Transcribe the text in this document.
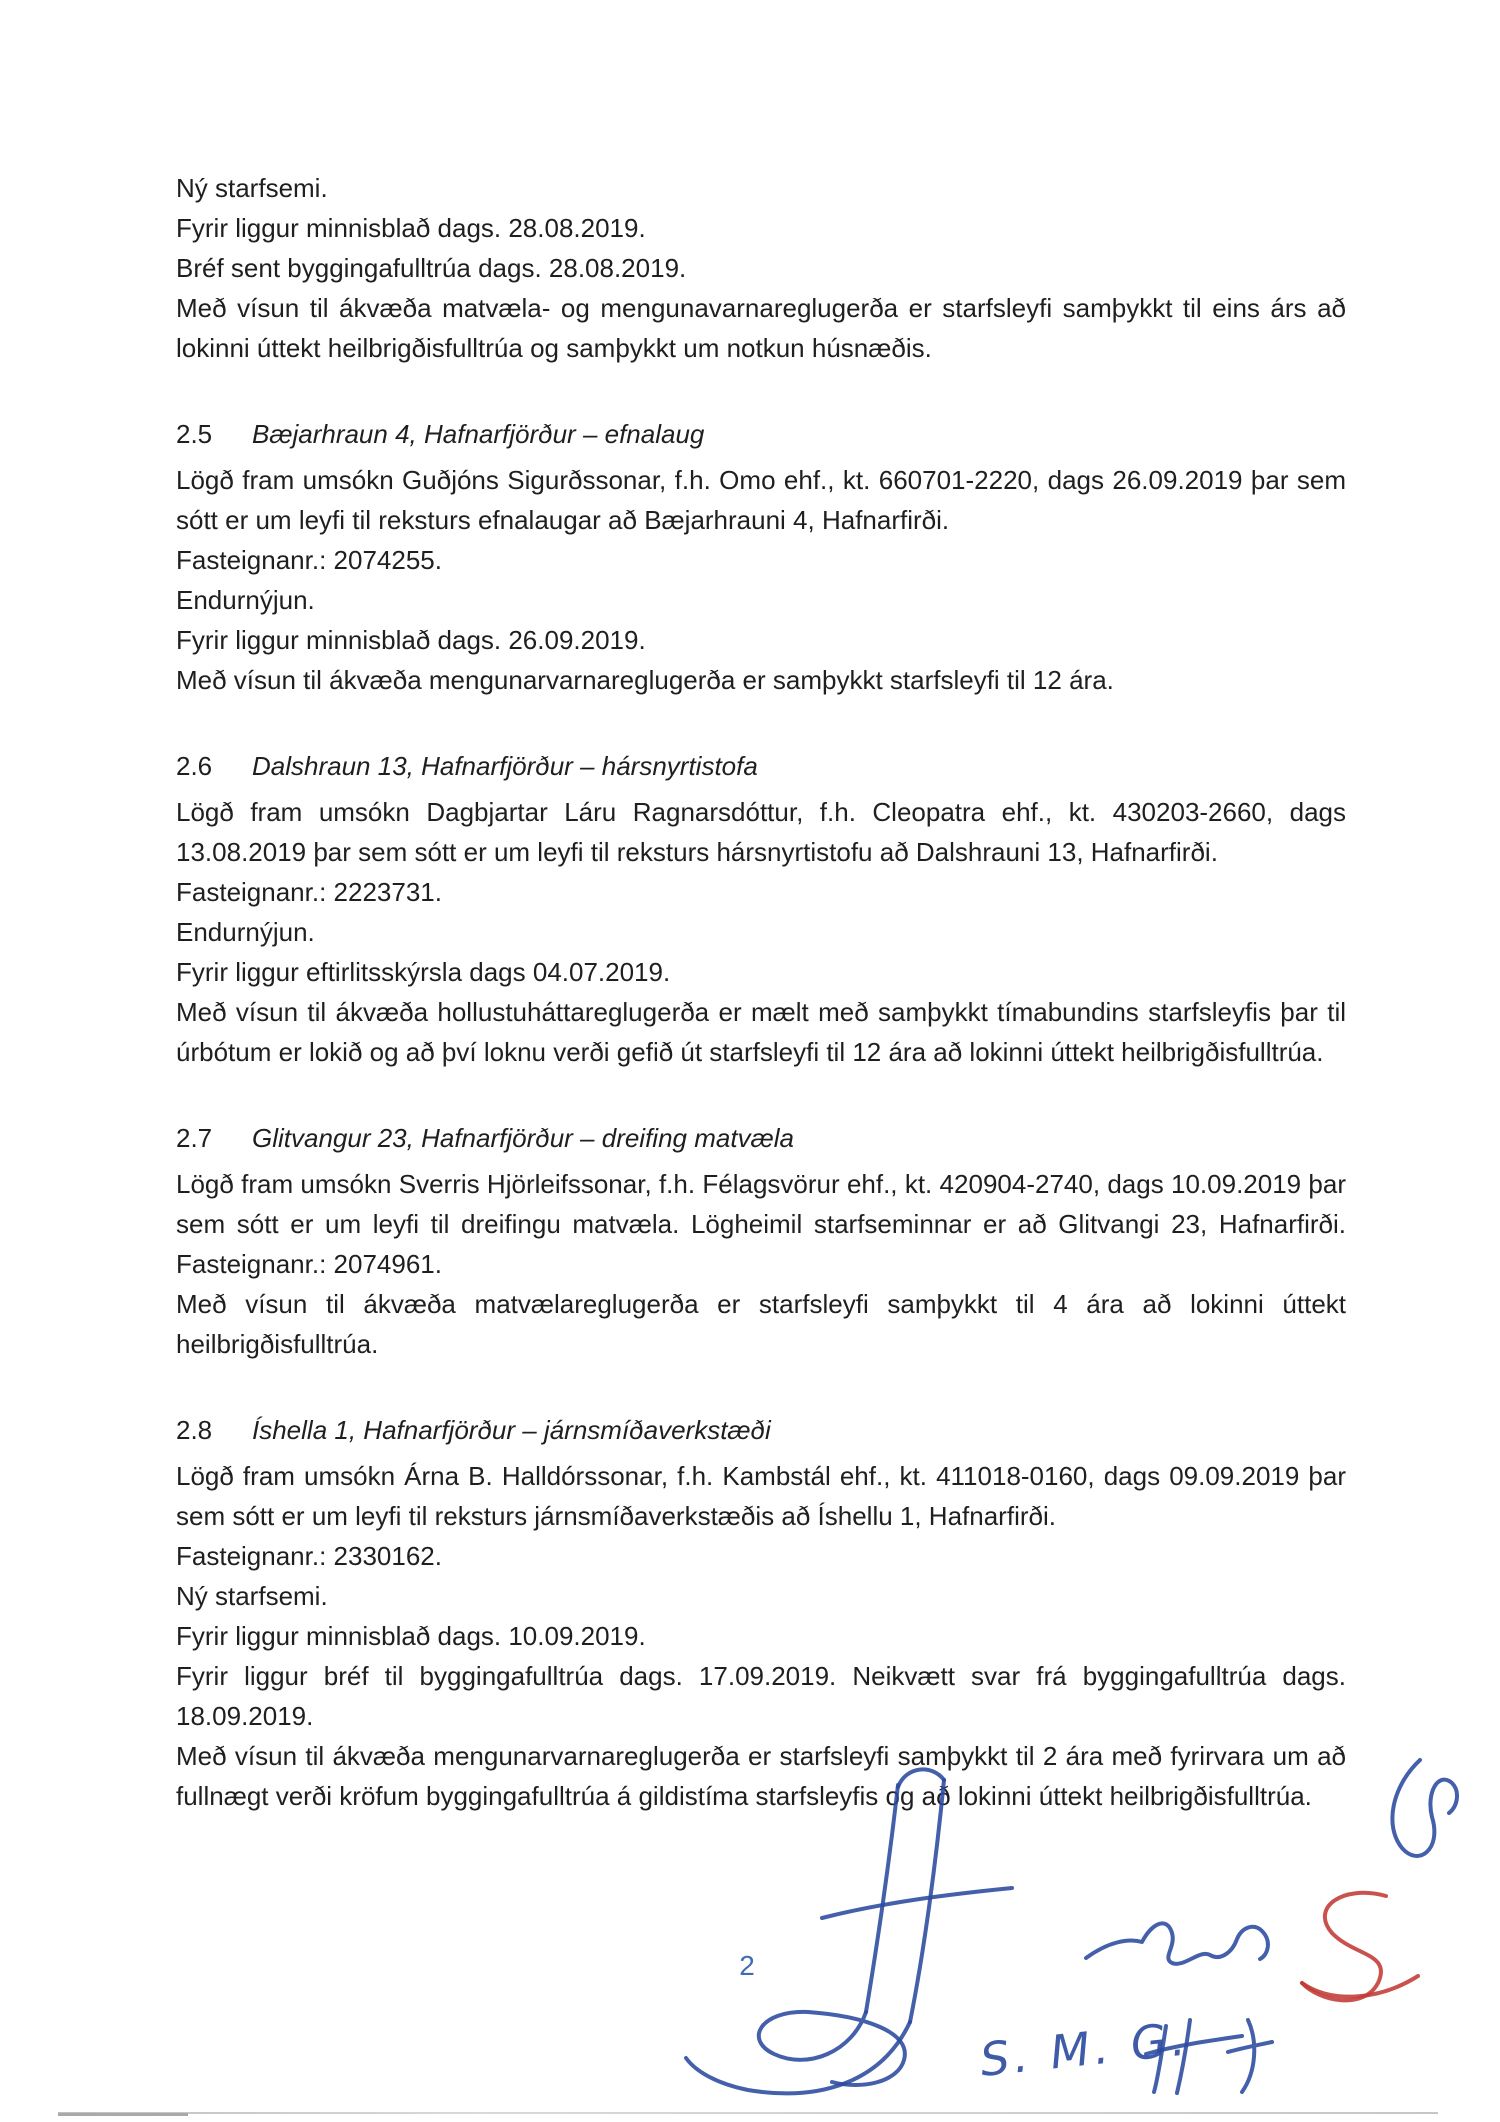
Ný starfsemi.

Fyrir liggur minnisblað dags. 28.08.2019.

Bréf sent byggingafulltrúa dags. 28.08.2019.

Með vísun til ákvæða matvæla- og mengunavarnareglugerða er starfsleyfi samþykkt til eins árs að lokinni úttekt heilbrigðisfulltrúa og samþykkt um notkun húsnæðis.

2.5	Bæjarhraun 4, Hafnarfjörður – efnalaug

Lögð fram umsókn Guðjóns Sigurðssonar, f.h. Omo ehf., kt. 660701-2220, dags 26.09.2019 þar sem sótt er um leyfi til reksturs efnalaugar að Bæjarhrauni 4, Hafnarfirði.

Fasteignanr.: 2074255.

Endurnýjun.

Fyrir liggur minnisblað dags. 26.09.2019.

Með vísun til ákvæða mengunarvarnareglugerða er samþykkt starfsleyfi til 12 ára.

2.6	Dalshraun 13, Hafnarfjörður – hársnyrtistofa

Lögð fram umsókn Dagbjartar Láru Ragnarsdóttur, f.h. Cleopatra ehf., kt. 430203-2660, dags 13.08.2019 þar sem sótt er um leyfi til reksturs hársnyrtistofu að Dalshrauni 13, Hafnarfirði.

Fasteignanr.: 2223731.

Endurnýjun.

Fyrir liggur eftirlitsskýrsla dags 04.07.2019.

Með vísun til ákvæða hollustuháttareglugerða er mælt með samþykkt tímabundins starfsleyfis þar til úrbótum er lokið og að því loknu verði gefið út starfsleyfi til 12 ára að lokinni úttekt heilbrigðisfulltrúa.

2.7	Glitvangur 23, Hafnarfjörður – dreifing matvæla

Lögð fram umsókn Sverris Hjörleifssonar, f.h. Félagsvörur ehf., kt. 420904-2740, dags 10.09.2019 þar sem sótt er um leyfi til dreifingu matvæla. Lögheimil starfseminnar er að Glitvangi 23, Hafnarfirði. Fasteignanr.: 2074961.

Með vísun til ákvæða matvælareglugerða er starfsleyfi samþykkt til 4 ára að lokinni úttekt heilbrigðisfulltrúa.

2.8	Íshella 1, Hafnarfjörður – járnsmíðaverkstæði

Lögð fram umsókn Árna B. Halldórssonar, f.h. Kambstál ehf., kt. 411018-0160, dags 09.09.2019 þar sem sótt er um leyfi til reksturs járnsmíðaverkstæðis að Íshellu 1, Hafnarfirði.

Fasteignanr.: 2330162.

Ný starfsemi.

Fyrir liggur minnisblað dags. 10.09.2019.

Fyrir liggur bréf til byggingafulltrúa dags. 17.09.2019. Neikvætt svar frá byggingafulltrúa dags. 18.09.2019.

Með vísun til ákvæða mengunarvarnareglugerða er starfsleyfi samþykkt til 2 ára með fyrirvara um að fullnægt verði kröfum byggingafulltrúa á gildistíma starfsleyfis og að lokinni úttekt heilbrigðisfulltrúa.

2
S. M. G.
